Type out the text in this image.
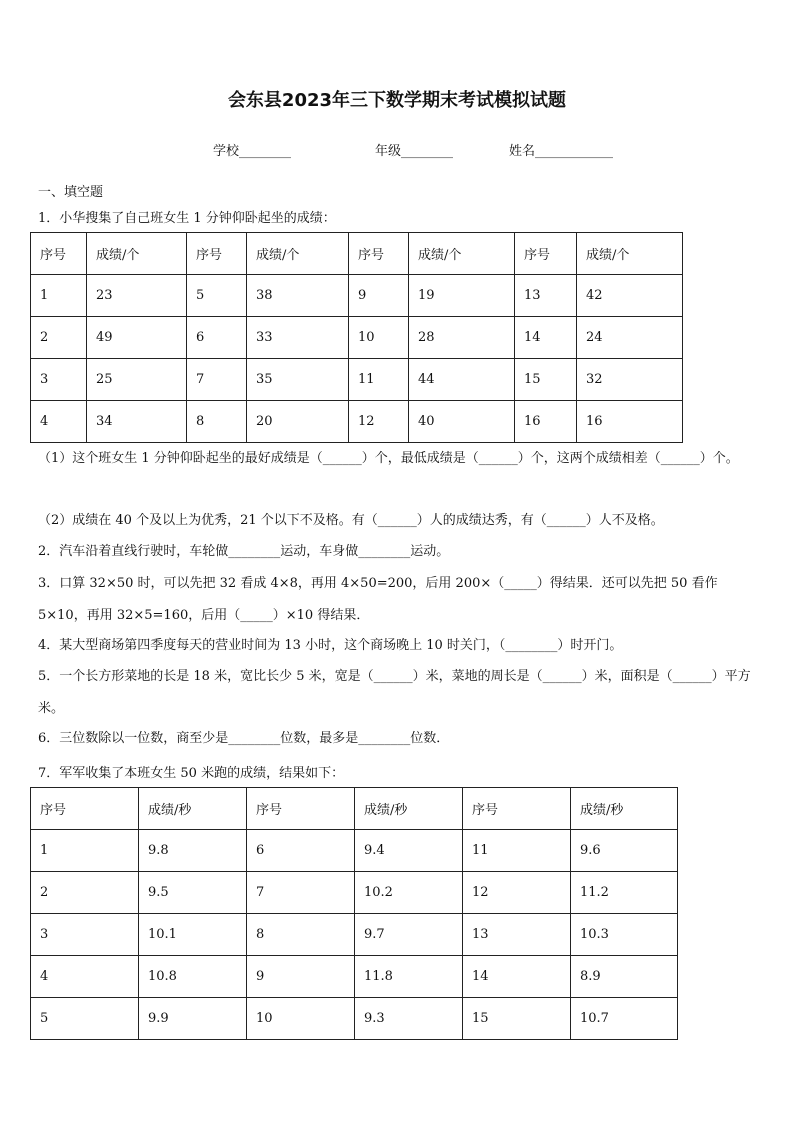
会东县2023年三下数学期末考试模拟试题
学校________	年级________	姓名____________
一、填空题
1．小华搜集了自己班女生 1 分钟仰卧起坐的成绩：
序号	成绩/个	序号	成绩/个	序号	成绩/个	序号	成绩/个
1	23	5	38	9	19	13	42
2	49	6	33	10	28	14	24
3	25	7	35	11	44	15	32
4	34	8	20	12	40	16	16
（1）这个班女生 1 分钟仰卧起坐的最好成绩是（______）个，最低成绩是（______）个，这两个成绩相差（______）个。
（2）成绩在 40 个及以上为优秀，21 个以下不及格。有（______）人的成绩达秀，有（______）人不及格。
2．汽车沿着直线行驶时，车轮做________运动，车身做________运动。
3．口算 32×50 时，可以先把 32 看成 4×8，再用 4×50=200，后用 200×（_____）得结果．还可以先把 50 看作 5×10，再用 32×5=160，后用（_____）×10 得结果．
4．某大型商场第四季度每天的营业时间为 13 小时，这个商场晚上 10 时关门，（________）时开门。
5．一个长方形菜地的长是 18 米，宽比长少 5 米，宽是（______）米，菜地的周长是（______）米，面积是（______）平方米。
6．三位数除以一位数，商至少是________位数，最多是________位数．
7．军军收集了本班女生 50 米跑的成绩，结果如下：
序号	成绩/秒	序号	成绩/秒	序号	成绩/秒
1	9.8	6	9.4	11	9.6
2	9.5	7	10.2	12	11.2
3	10.1	8	9.7	13	10.3
4	10.8	9	11.8	14	8.9
5	9.9	10	9.3	15	10.7
